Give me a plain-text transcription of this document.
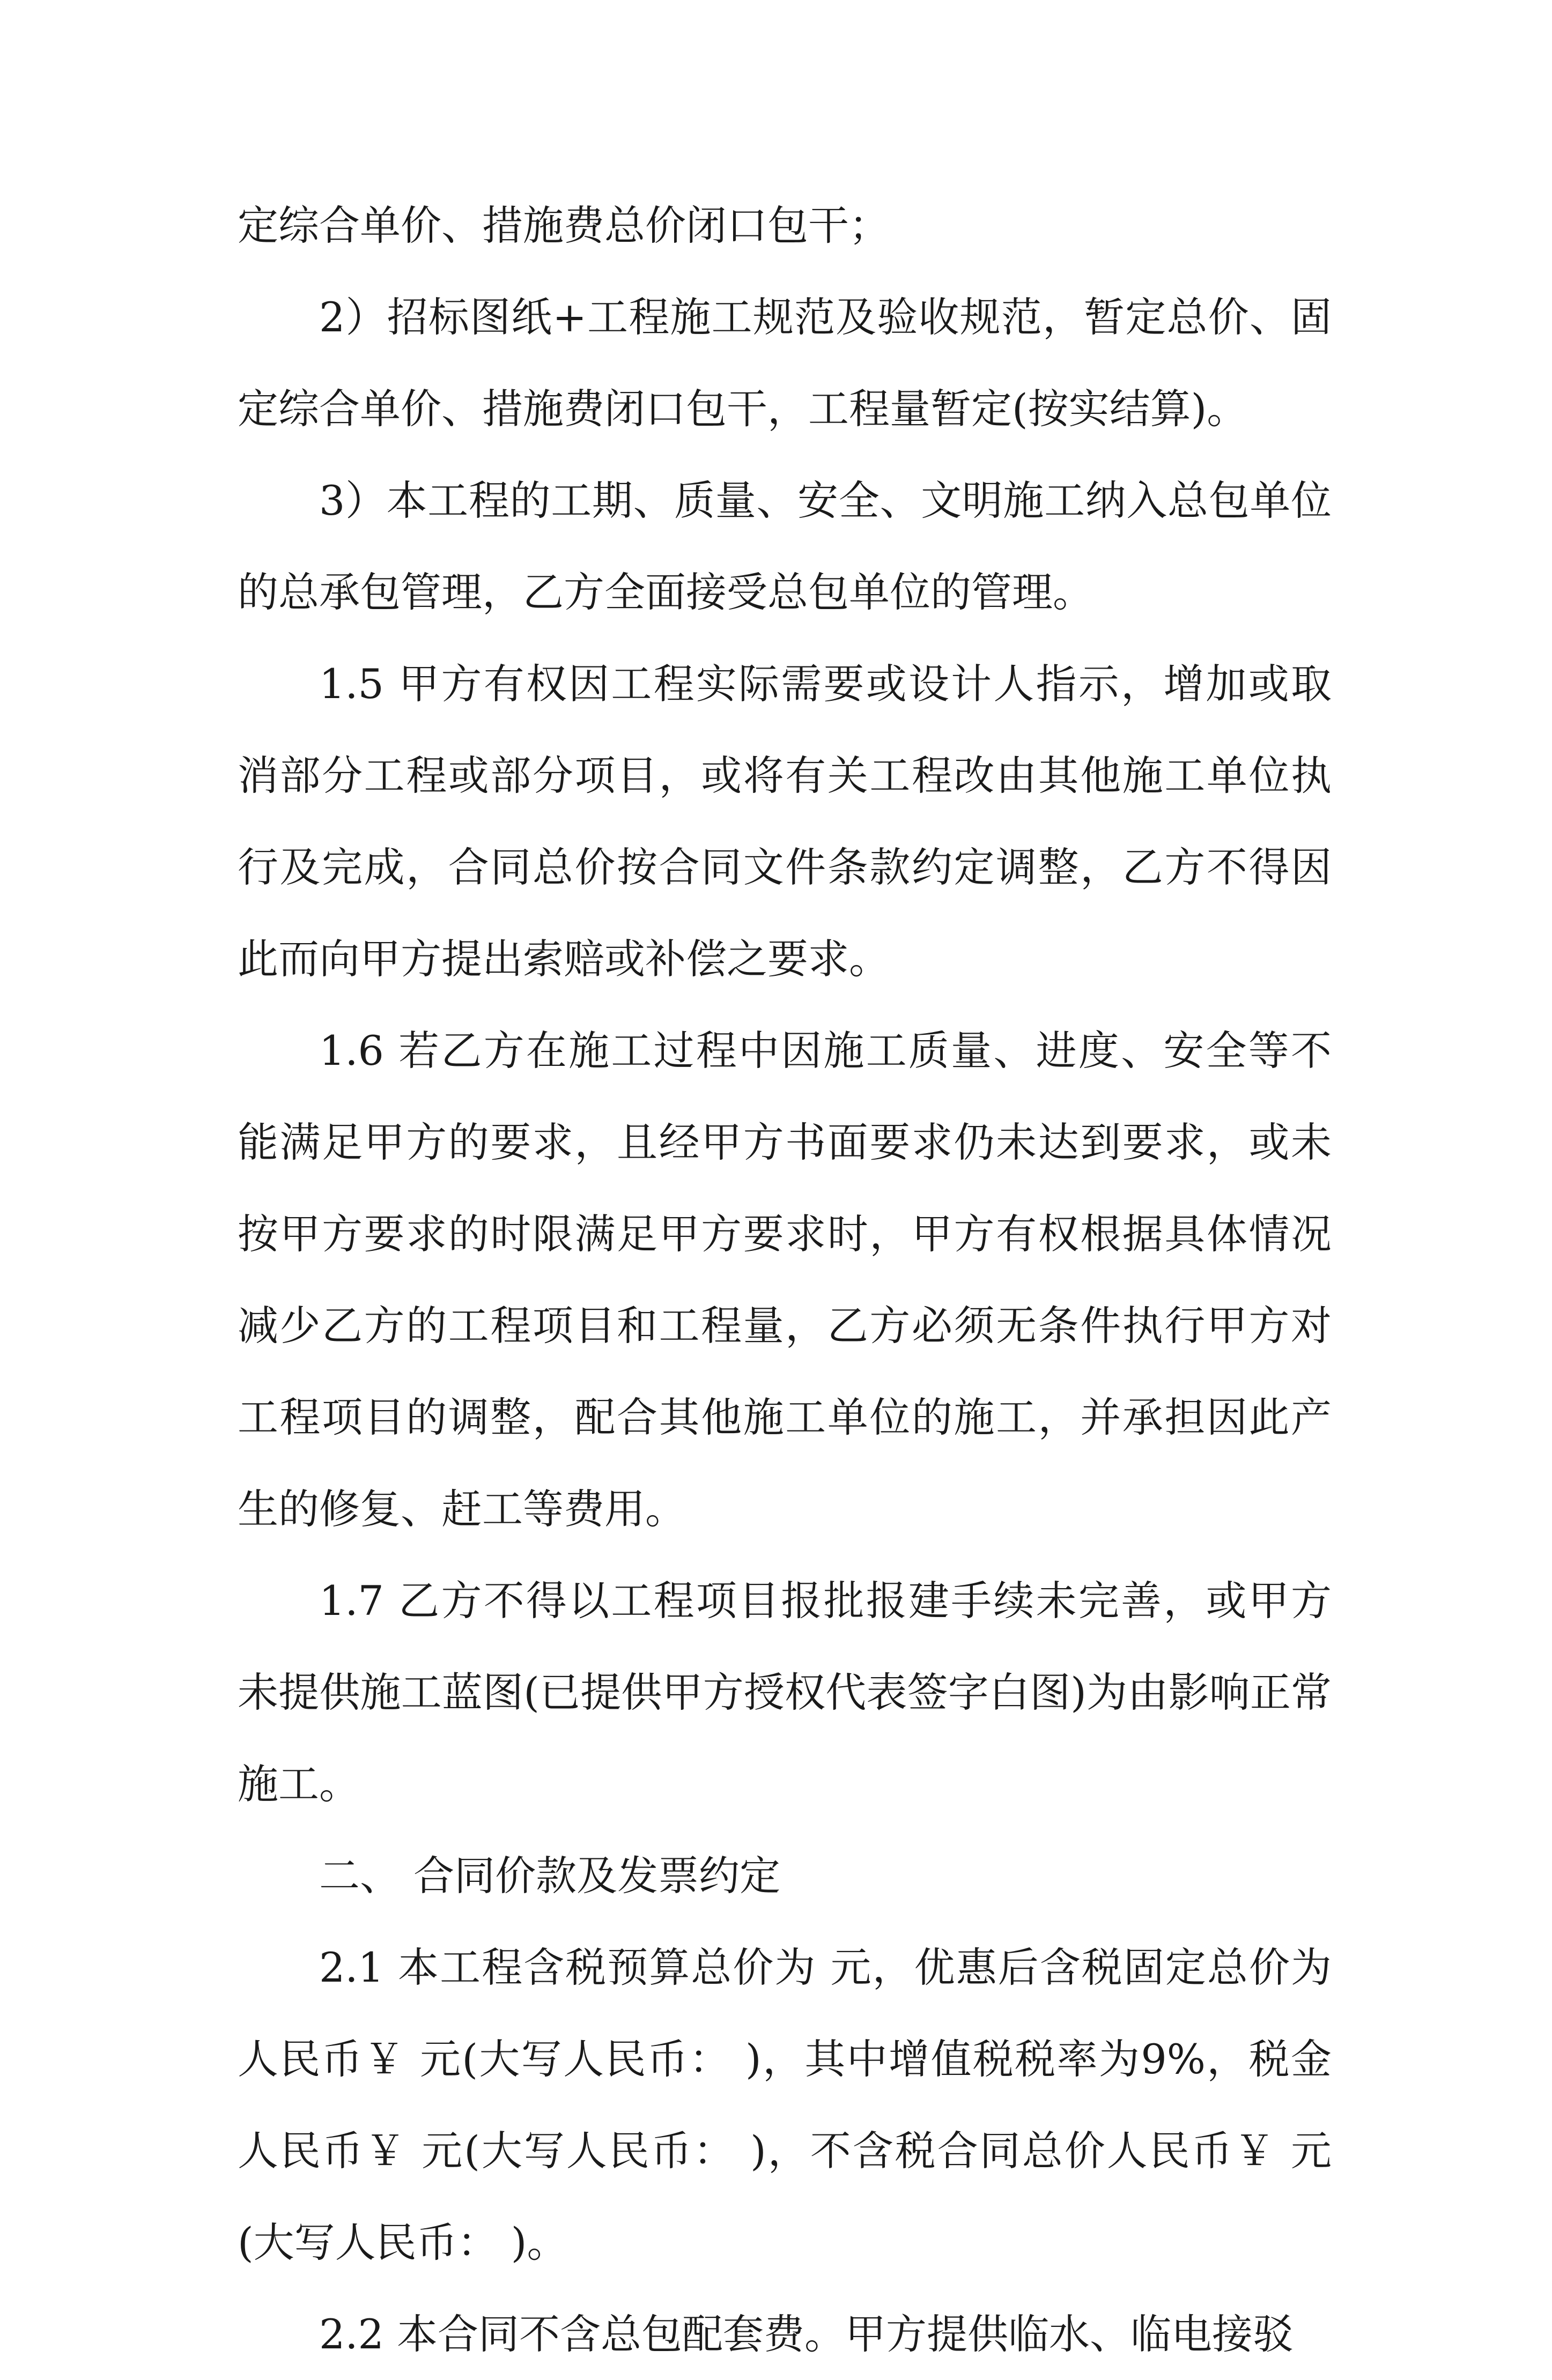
定综合单价、措施费总价闭口包干；

2）招标图纸+工程施工规范及验收规范，暂定总价、固定综合单价、措施费闭口包干，工程量暂定(按实结算)。

3）本工程的工期、质量、安全、文明施工纳入总包单位的总承包管理，乙方全面接受总包单位的管理。

1.5 甲方有权因工程实际需要或设计人指示，增加或取消部分工程或部分项目，或将有关工程改由其他施工单位执行及完成，合同总价按合同文件条款约定调整，乙方不得因此而向甲方提出索赔或补偿之要求。

1.6 若乙方在施工过程中因施工质量、进度、安全等不能满足甲方的要求，且经甲方书面要求仍未达到要求，或未按甲方要求的时限满足甲方要求时，甲方有权根据具体情况减少乙方的工程项目和工程量，乙方必须无条件执行甲方对工程项目的调整，配合其他施工单位的施工，并承担因此产生的修复、赶工等费用。

1.7 乙方不得以工程项目报批报建手续未完善，或甲方未提供施工蓝图(已提供甲方授权代表签字白图)为由影响正常施工。

二、 合同价款及发票约定

2.1 本工程含税预算总价为 元，优惠后含税固定总价为人民币￥ 元(大写人民币： )，其中增值税税率为9%，税金人民币￥ 元(大写人民币： )，不含税合同总价人民币￥ 元(大写人民币： )。

2.2 本合同不含总包配套费。甲方提供临水、临电接驳
